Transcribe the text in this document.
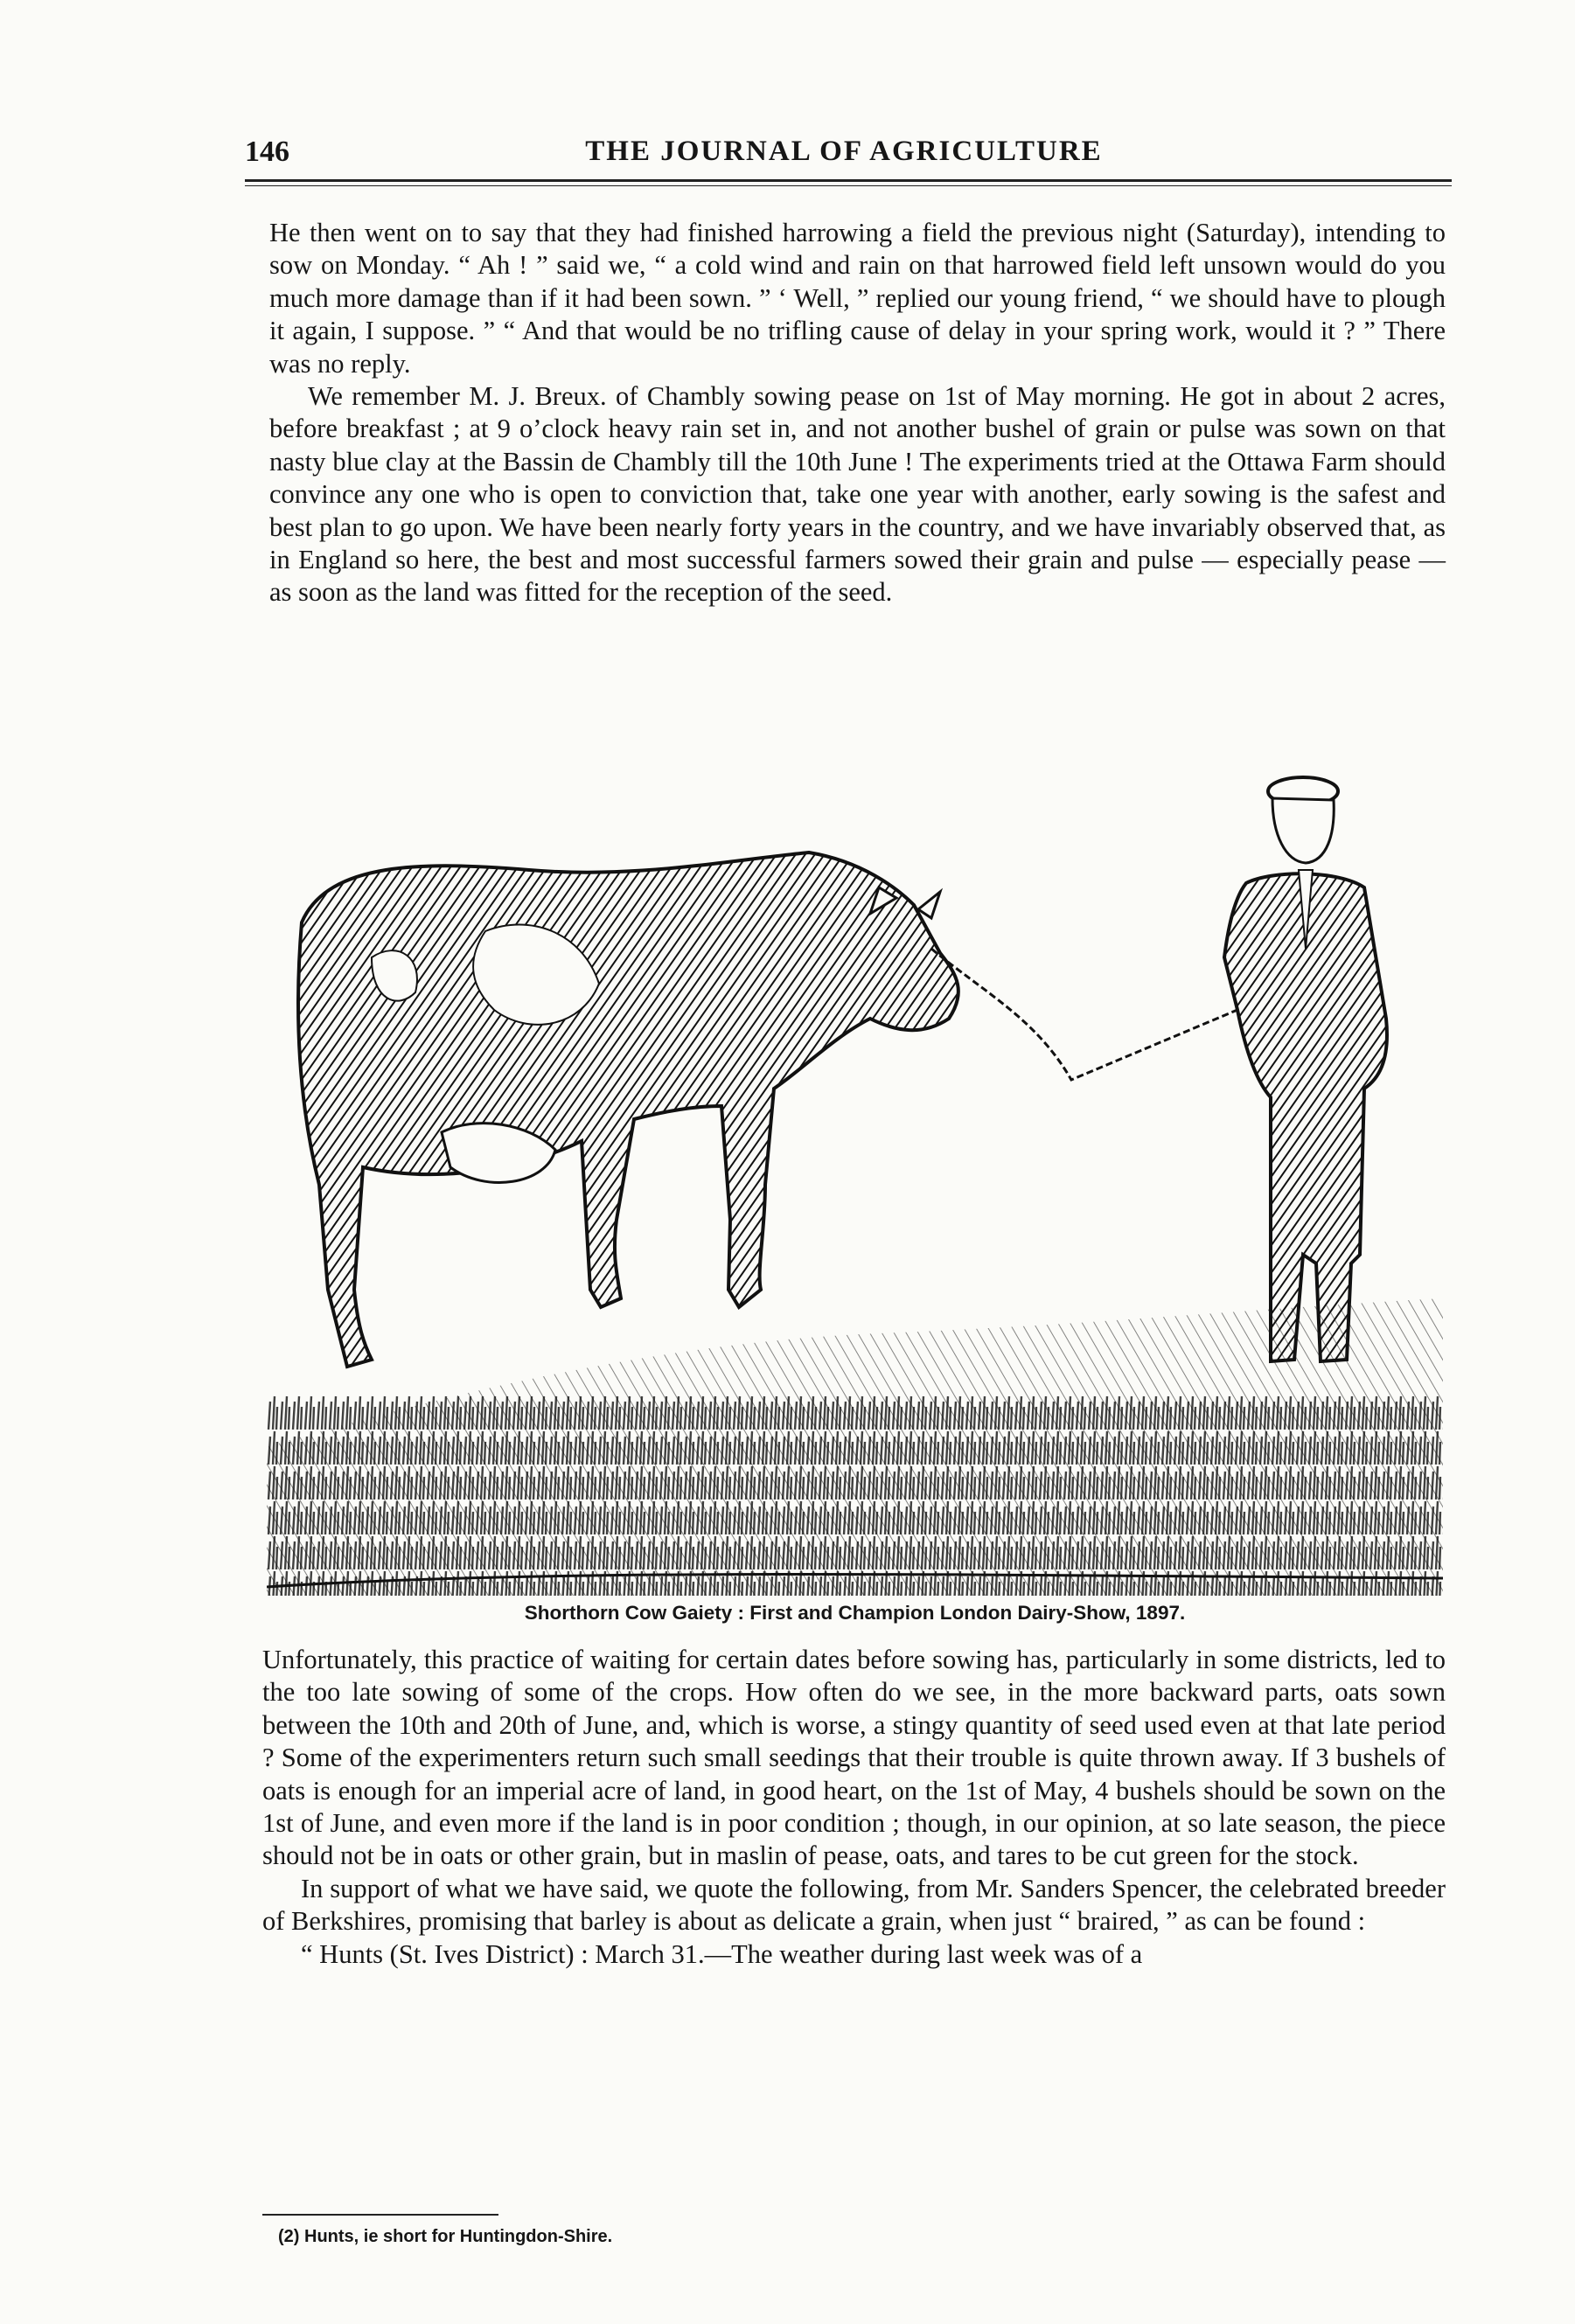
146	THE JOURNAL OF AGRICULTURE

He then went on to say that they had finished harrowing a field the previous night (Saturday), intending to sow on Monday. “ Ah ! ” said we, “ a cold wind and rain on that harrowed field left unsown would do you much more damage than if it had been sown. ” ‘ Well, ” replied our young friend, “ we should have to plough it again, I suppose. ” “ And that would be no trifling cause of delay in your spring work, would it ? ” There was no reply.

We remember M. J. Breux. of Chambly sowing pease on 1st of May morning. He got in about 2 acres, before breakfast ; at 9 o’clock heavy rain set in, and not another bushel of grain or pulse was sown on that nasty blue clay at the Bassin de Chambly till the 10th June ! The experiments tried at the Ottawa Farm should convince any one who is open to conviction that, take one year with another, early sowing is the safest and best plan to go upon. We have been nearly forty years in the country, and we have invariably observed that, as in England so here, the best and most successful farmers sowed their grain and pulse — especially pease — as soon as the land was fitted for the reception of the seed.

Shorthorn Cow Gaiety : First and Champion London Dairy-Show, 1897.

Unfortunately, this practice of waiting for certain dates before sowing has, particularly in some districts, led to the too late sowing of some of the crops. How often do we see, in the more backward parts, oats sown between the 10th and 20th of June, and, which is worse, a stingy quantity of seed used even at that late period ? Some of the experimenters return such small seedings that their trouble is quite thrown away. If 3 bushels of oats is enough for an imperial acre of land, in good heart, on the 1st of May, 4 bushels should be sown on the 1st of June, and even more if the land is in poor condition ; though, in our opinion, at so late season, the piece should not be in oats or other grain, but in maslin of pease, oats, and tares to be cut green for the stock.

In support of what we have said, we quote the following, from Mr. Sanders Spencer, the celebrated breeder of Berkshires, promising that barley is about as delicate a grain, when just “ braired, ” as can be found :

“ Hunts (St. Ives District) : March 31.—The weather during last week was of a

(2) Hunts, ie short for Huntingdon-Shire.
